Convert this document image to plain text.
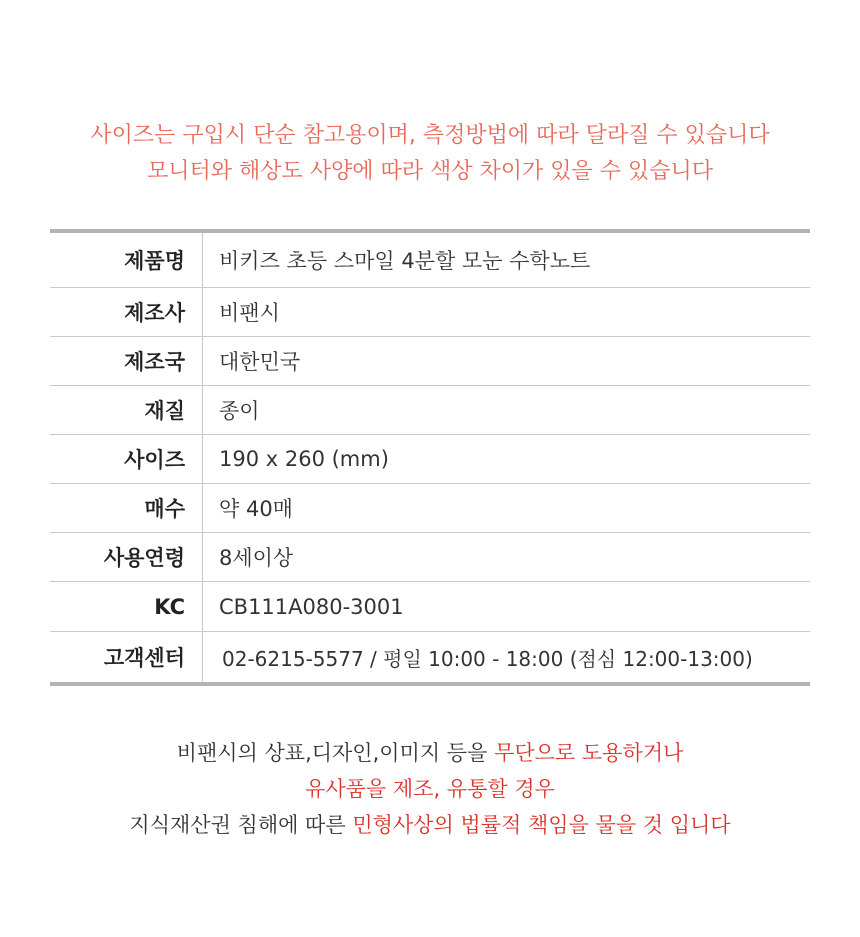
사이즈는 구입시 단순 참고용이며, 측정방법에 따라 달라질 수 있습니다
모니터와 해상도 사양에 따라 색상 차이가 있을 수 있습니다
제품명	비키즈 초등 스마일 4분할 모눈 수학노트
제조사	비팬시
제조국	대한민국
재질	종이
사이즈	190 x 260 (mm)
매수	약 40매
사용연령	8세이상
KC	CB111A080-3001
고객센터	02-6215-5577 / 평일 10:00 - 18:00 (점심 12:00-13:00)
비팬시의 상표,디자인,이미지 등을 무단으로 도용하거나
유사품을 제조, 유통할 경우
지식재산권 침해에 따른 민형사상의 법률적 책임을 물을 것 입니다
